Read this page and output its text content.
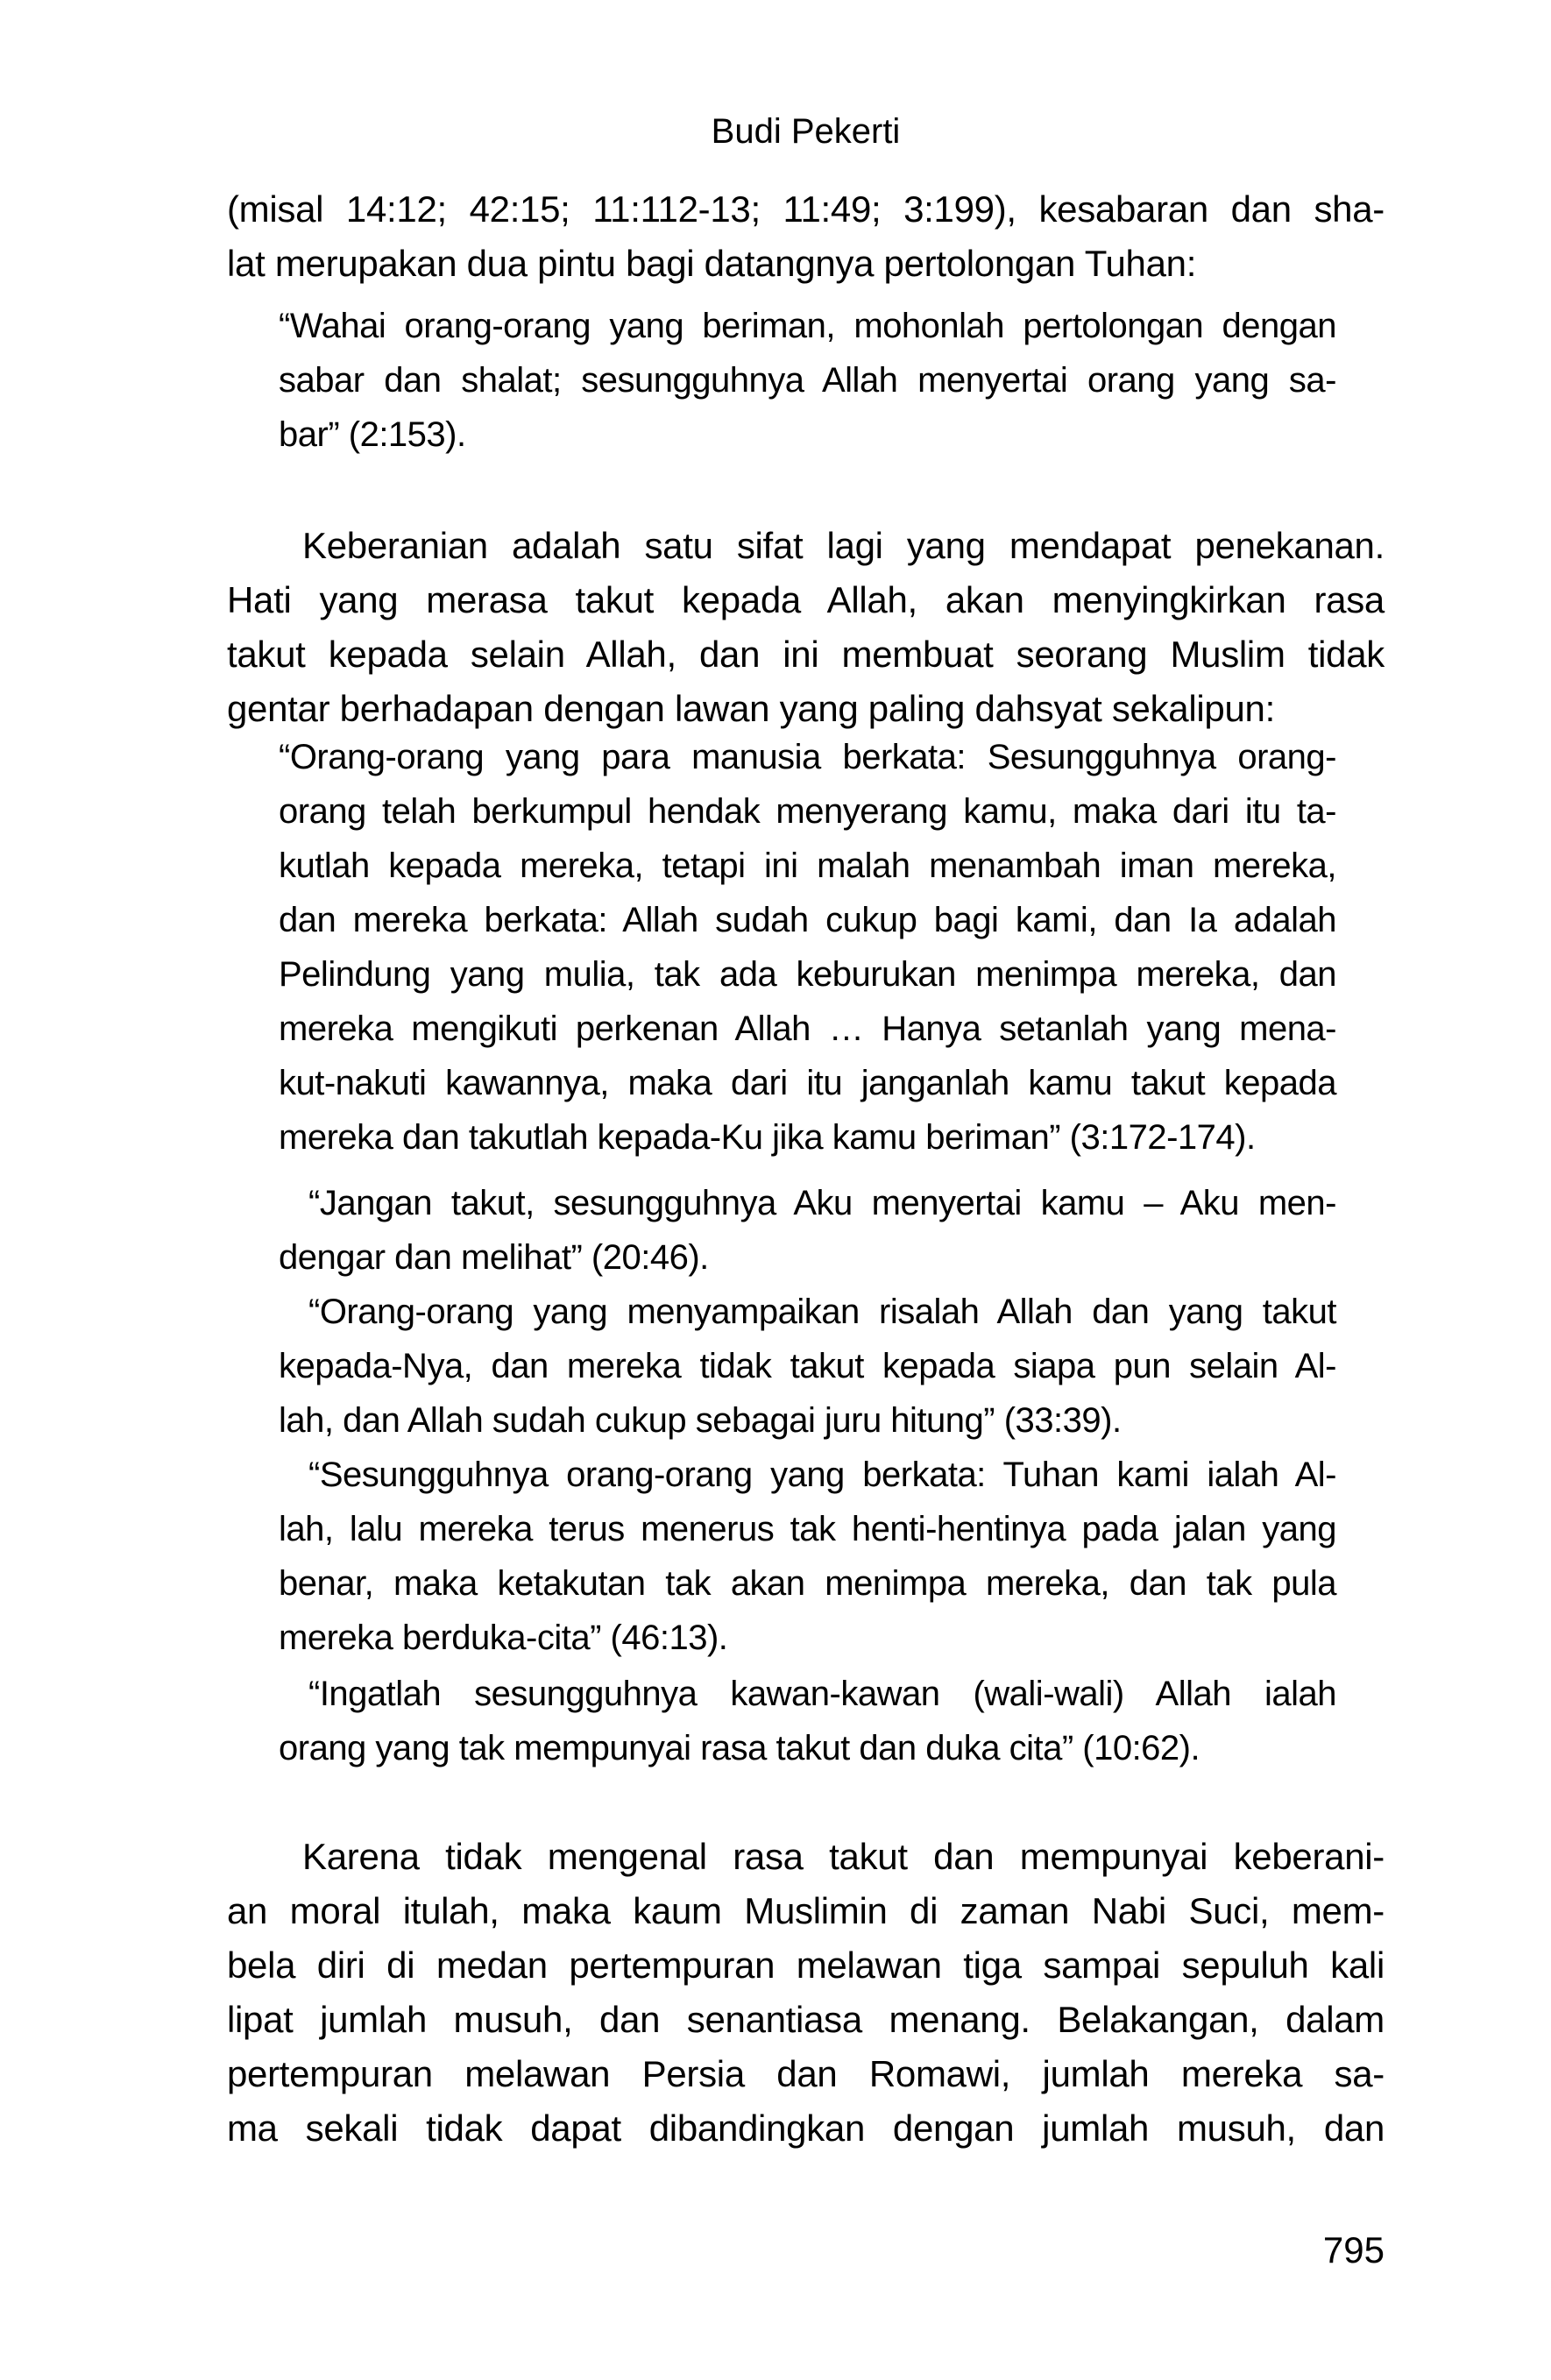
Budi Pekerti
(misal 14:12; 42:15; 11:112-13; 11:49; 3:199), kesabaran dan sha-
lat merupakan dua pintu bagi datangnya pertolongan Tuhan:
“Wahai orang-orang yang beriman, mohonlah pertolongan dengan
sabar dan shalat; sesungguhnya Allah menyertai orang yang sa-
bar” (2:153).
Keberanian adalah satu sifat lagi yang mendapat penekanan.
Hati yang merasa takut kepada Allah, akan menyingkirkan rasa
takut kepada selain Allah, dan ini membuat seorang Muslim tidak
gentar berhadapan dengan lawan yang paling dahsyat sekalipun:
“Orang-orang yang para manusia berkata: Sesungguhnya orang-
orang telah berkumpul hendak menyerang kamu, maka dari itu ta-
kutlah kepada mereka, tetapi ini malah menambah iman mereka,
dan mereka berkata: Allah sudah cukup bagi kami, dan Ia adalah
Pelindung yang mulia, tak ada keburukan menimpa mereka, dan
mereka mengikuti perkenan Allah … Hanya setanlah yang mena-
kut-nakuti kawannya, maka dari itu janganlah kamu takut kepada
mereka dan takutlah kepada-Ku jika kamu beriman” (3:172-174).
“Jangan takut, sesungguhnya Aku menyertai kamu – Aku men-
dengar dan melihat” (20:46).
“Orang-orang yang menyampaikan risalah Allah dan yang takut
kepada-Nya, dan mereka tidak takut kepada siapa pun selain Al-
lah, dan Allah sudah cukup sebagai juru hitung” (33:39).
“Sesungguhnya orang-orang yang berkata: Tuhan kami ialah Al-
lah, lalu mereka terus menerus tak henti-hentinya pada jalan yang
benar, maka ketakutan tak akan menimpa mereka, dan tak pula
mereka berduka-cita” (46:13).
“Ingatlah sesungguhnya kawan-kawan (wali-wali) Allah ialah
orang yang tak mempunyai rasa takut dan duka cita” (10:62).
Karena tidak mengenal rasa takut dan mempunyai keberani-
an moral itulah, maka kaum Muslimin di zaman Nabi Suci, mem-
bela diri di medan pertempuran melawan tiga sampai sepuluh kali
lipat jumlah musuh, dan senantiasa menang. Belakangan, dalam
pertempuran melawan Persia dan Romawi, jumlah mereka sa-
ma sekali tidak dapat dibandingkan dengan jumlah musuh, dan
795
